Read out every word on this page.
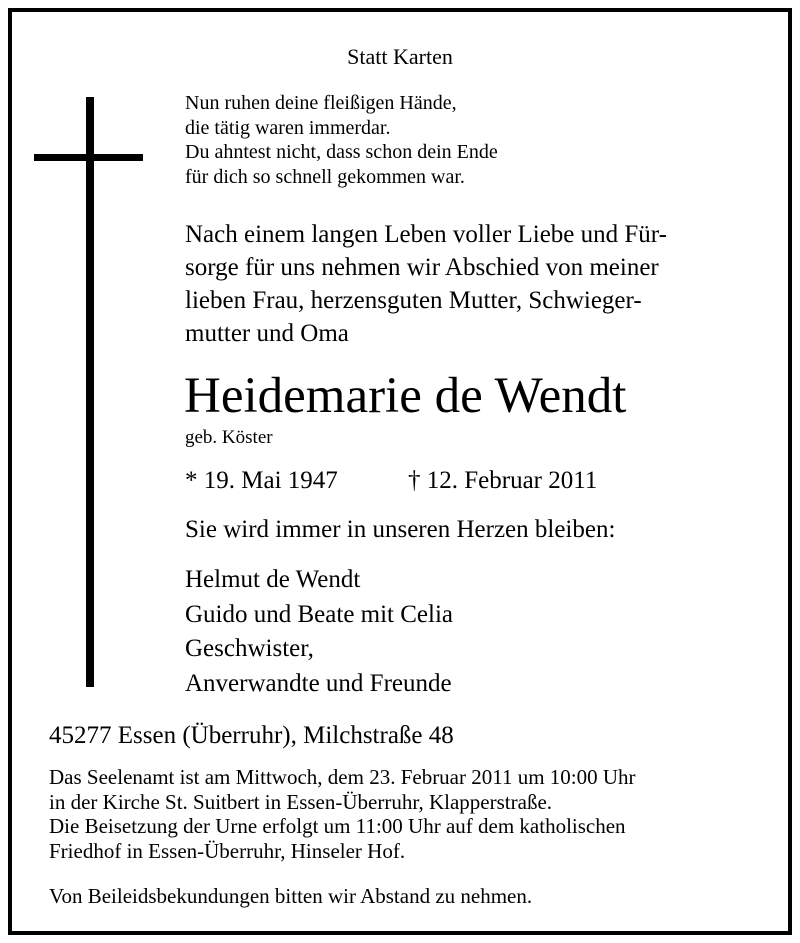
Statt Karten

Nun ruhen deine fleißigen Hände,
die tätig waren immerdar.
Du ahntest nicht, dass schon dein Ende
für dich so schnell gekommen war.
Nach einem langen Leben voller Liebe und Für-
sorge für uns nehmen wir Abschied von meiner
lieben Frau, herzensguten Mutter, Schwieger-
mutter und Oma

Heidemarie de Wendt

geb. Köster

* 19. Mai 1947	† 12. Februar 2011

Sie wird immer in unseren Herzen bleiben:

Helmut de Wendt
Guido und Beate mit Celia
Geschwister,
Anverwandte und Freunde

45277 Essen (Überruhr), Milchstraße 48

Das Seelenamt ist am Mittwoch, dem 23. Februar 2011 um 10:00 Uhr
in der Kirche St. Suitbert in Essen-Überruhr, Klapperstraße.
Die Beisetzung der Urne erfolgt um 11:00 Uhr auf dem katholischen
Friedhof in Essen-Überruhr, Hinseler Hof.

Von Beileidsbekundungen bitten wir Abstand zu nehmen.
